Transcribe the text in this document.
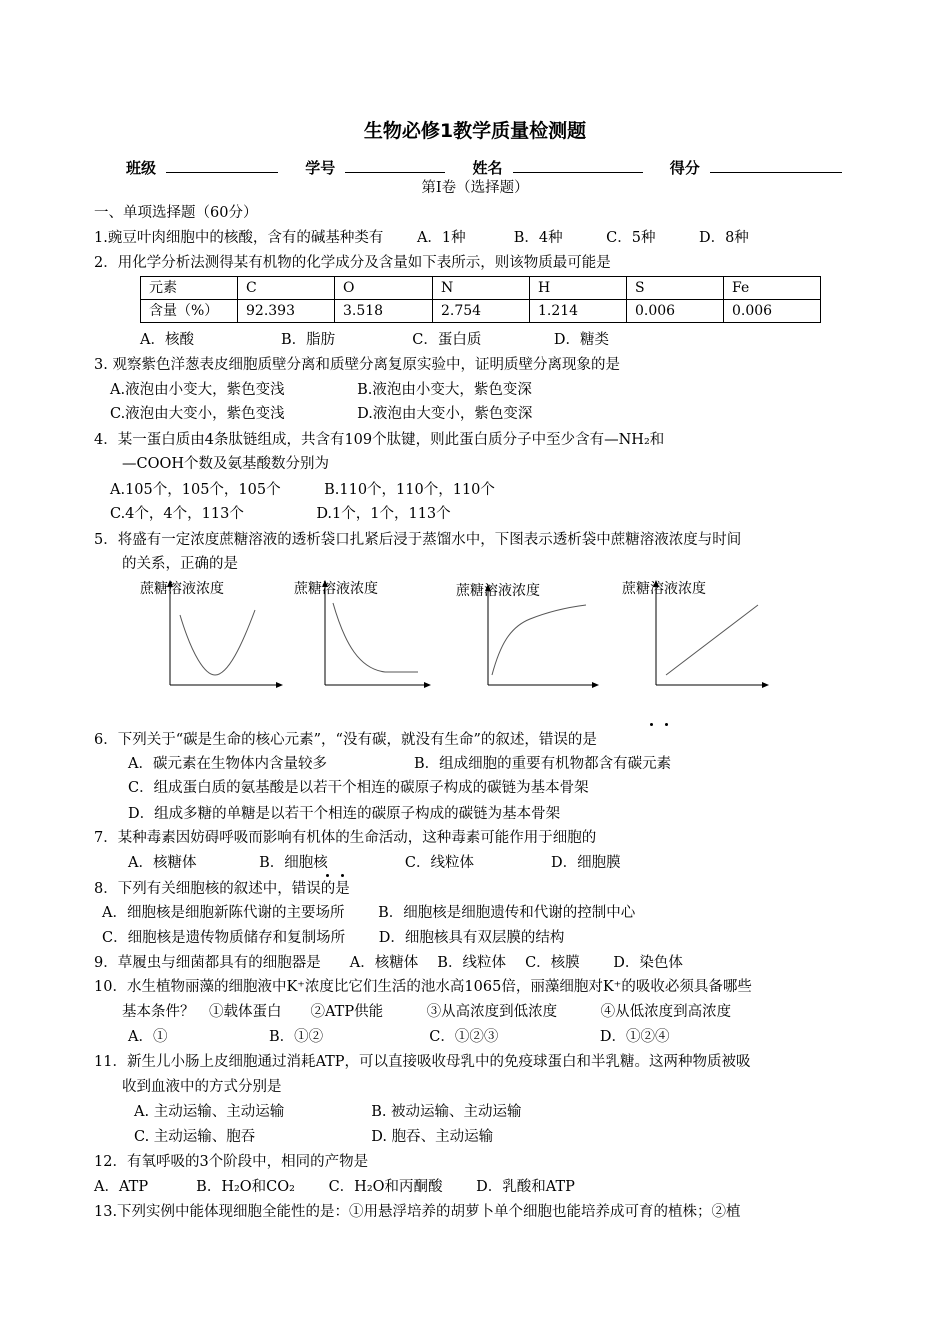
生物必修1教学质量检测题
班级	学号	姓名	得分
第Ⅰ卷（选择题）
一、单项选择题（60分）
1.豌豆叶肉细胞中的核酸，含有的碱基种类有　　 A．1种　　　 B．4种　　　C．5种　　　D．8种
2．用化学分析法测得某有机物的化学成分及含量如下表所示，则该物质最可能是
元素	C	O	N	H	S	Fe
含量（%）	92.393	3.518	2.754	1.214	0.006	0.006
A．核酸　　　　　　B．脂肪　　　　　 C．蛋白质　　　　　D．糖类
3. 观察紫色洋葱表皮细胞质壁分离和质壁分离复原实验中，证明质壁分离现象的是
A.液泡由小变大，紫色变浅　　　　　B.液泡由小变大，紫色变深
C.液泡由大变小，紫色变浅　　　　　D.液泡由大变小，紫色变深
4．某一蛋白质由4条肽链组成，共含有109个肽键，则此蛋白质分子中至少含有—NH₂和
—COOH个数及氨基酸数分别为
A.105个，105个，105个　　　B.110个，110个，110个
C.4个，4个，113个　　　　　D.1个，1个，113个
5．将盛有一定浓度蔗糖溶液的透析袋口扎紧后浸于蒸馏水中，下图表示透析袋中蔗糖溶液浓度与时间
的关系，正确的是
蔗糖溶液浓度	蔗糖溶液浓度	蔗糖溶液浓度	蔗糖溶液浓度
6．下列关于“碳是生命的核心元素”，“没有碳，就没有生命”的叙述，错误的是
A．碳元素在生物体内含量较多　　　　　　B．组成细胞的重要有机物都含有碳元素
C．组成蛋白质的氨基酸是以若干个相连的碳原子构成的碳链为基本骨架
D．组成多糖的单糖是以若干个相连的碳原子构成的碳链为基本骨架
7．某种毒素因妨碍呼吸而影响有机体的生命活动，这种毒素可能作用于细胞的
A．核糖体　　　　 B．细胞核　　　　　 C．线粒体　　　　　 D．细胞膜
8．下列有关细胞核的叙述中，错误的是
A．细胞核是细胞新陈代谢的主要场所　　 B．细胞核是细胞遗传和代谢的控制中心
C．细胞核是遗传物质储存和复制场所　　 D．细胞核具有双层膜的结构
9．草履虫与细菌都具有的细胞器是　　A．核糖体　 B．线粒体　 C．核膜　　 D．染色体
10．水生植物丽藻的细胞液中K⁺浓度比它们生活的池水高1065倍，丽藻细胞对K⁺的吸收必须具备哪些
基本条件？　①载体蛋白　　②ATP供能　　　③从高浓度到低浓度　　　④从低浓度到高浓度
A．①　　　　　　　B．①②　　　　　　　 C．①②③　　　　　　　D．①②④
11．新生儿小肠上皮细胞通过消耗ATP，可以直接吸收母乳中的免疫球蛋白和半乳糖。这两种物质被吸
收到血液中的方式分别是
A. 主动运输、主动运输　　　　　　B. 被动运输、主动运输
C. 主动运输、胞吞　　　　　　　　D. 胞吞、主动运输
12．有氧呼吸的3个阶段中，相同的产物是
A．ATP　　　 B．H₂O和CO₂　　 C．H₂O和丙酮酸　　 D．乳酸和ATP
13.下列实例中能体现细胞全能性的是：①用悬浮培养的胡萝卜单个细胞也能培养成可育的植株；②植
